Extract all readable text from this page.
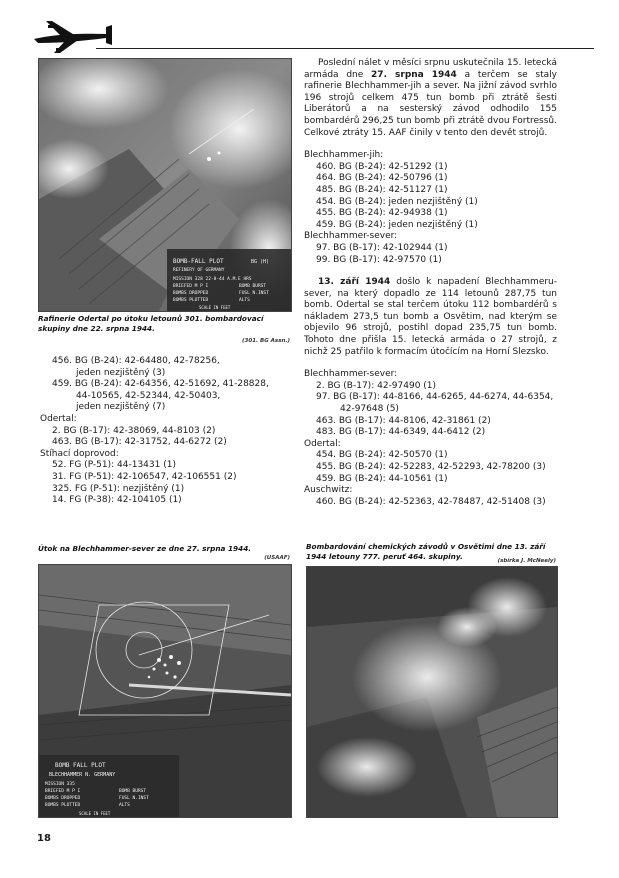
BOMB-FALL PLOT	BG (H)
REFINERY OF GERMANY
MISSION 328 22-8-44 A.M.E HRS
BRIEFED M P I	BOMB BURST
BOMBS DROPPED	FUSL N.INST
BOMBS PLOTTED	ALTS
SCALE IN FEET
Rafinerie Odertal po útoku letounů 301. bombardovací skupiny dne 22. srpna 1944.
(301. BG Assn.)
456. BG (B-24): 42-64480, 42-78256,
jeden nezjištěný (3)
459. BG (B-24): 42-64356, 42-51692, 41-28828,
44-10565, 42-52344, 42-50403,
jeden nezjištěný (7)
Odertal:
2. BG (B-17): 42-38069, 44-8103 (2)
463. BG (B-17): 42-31752, 44-6272 (2)
Stíhací doprovod:
52. FG (P-51): 44-13431 (1)
31. FG (P-51): 42-106547, 42-106551 (2)
325. FG (P-51): nezjištěný (1)
14. FG (P-38): 42-104105 (1)

Poslední nálet v měsíci srpnu uskutečnila 15. letecká armáda dne 27. srpna 1944 a terčem se staly rafinerie Blechhammer-jih a sever. Na jižní závod svrhlo 196 strojů celkem 475 tun bomb při ztrátě šesti Liberátorů a na sesterský závod odhodilo 155 bombardérů 296,25 tun bomb při ztrátě dvou Fortressů. Celkové ztráty 15. AAF činily v tento den devět strojů.

Blechhammer-jih:
460. BG (B-24): 42-51292 (1)
464. BG (B-24): 42-50796 (1)
485. BG (B-24): 42-51127 (1)
454. BG (B-24): jeden nezjištěný (1)
455. BG (B-24): 42-94938 (1)
459. BG (B-24): jeden nezjištěný (1)
Blechhammer-sever:
97. BG (B-17): 42-102944 (1)
99. BG (B-17): 42-97570 (1)

13. září 1944 došlo k napadení Blechhammeru-sever, na který dopadlo ze 114 letounů 287,75 tun bomb. Odertal se stal terčem útoku 112 bombardérů s nákladem 273,5 tun bomb a Osvětim, nad kterým se objevilo 96 strojů, postihl dopad 235,75 tun bomb. Tohoto dne přišla 15. letecká armáda o 27 strojů, z nichž 25 patřilo k formacím útočícím na Horní Slezsko.

Blechhammer-sever:
2. BG (B-17): 42-97490 (1)
97. BG (B-17): 44-8166, 44-6265, 44-6274, 44-6354,
42-97648 (5)
463. BG (B-17): 44-8106, 42-31861 (2)
483. BG (B-17): 44-6349, 44-6412 (2)
Odertal:
454. BG (B-24): 42-50570 (1)
455. BG (B-24): 42-52283, 42-52293, 42-78200 (3)
459. BG (B-24): 44-10561 (1)
Auschwitz:
460. BG (B-24): 42-52363, 42-78487, 42-51408 (3)
Útok na Blechhammer-sever ze dne 27. srpna 1944.
(USAAF)
BOMB FALL PLOT
BLECHHAMMER N. GERMANY
MISSION 335
BRIEFED M P I	BOMB BURST
BOMBS DROPPED	FUSL N.INST
BOMBS PLOTTED	ALTS
SCALE IN FEET
Bombardování chemických závodů v Osvětimi dne 13. září 1944 letouny 777. peruť 464. skupiny.	(sbírka J. McNeely)
18
